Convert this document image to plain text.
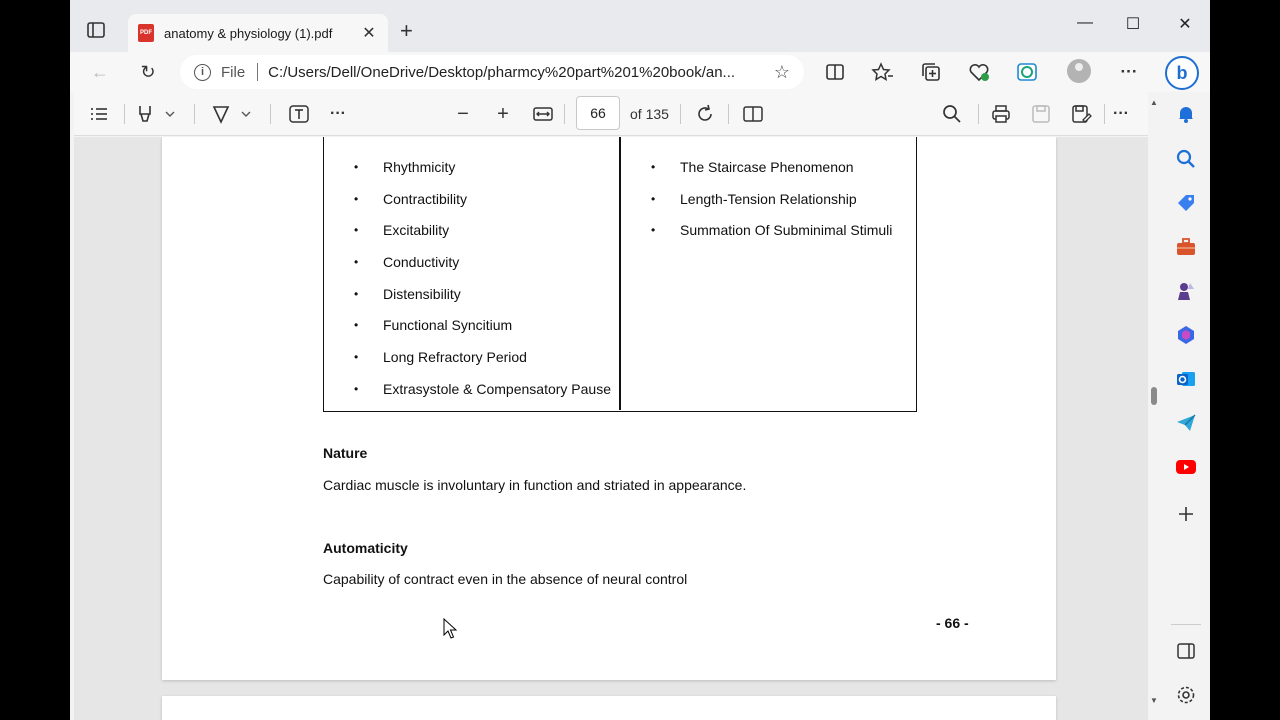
PDF anatomy & physiology (1).pdf	✕ +	—	☐	✕
←	↻	i	File C:/Users/Dell/OneDrive/Desktop/pharmcy%20part%201%20book/an...	☆	···	b
···	−	+	66	of 135	···
•	Rhythmicity
•	Contractibility
•	Excitability
•	Conductivity
•	Distensibility
•	Functional Syncitium
•	Long Refractory Period
•	Extrasystole & Compensatory Pause
•	The Staircase Phenomenon
•	Length-Tension Relationship
•	Summation Of Subminimal Stimuli
Nature
Cardiac muscle is involuntary in function and striated in appearance.
Automaticity
Capability of contract even in the absence of neural control
- 66 -
▲
▼
